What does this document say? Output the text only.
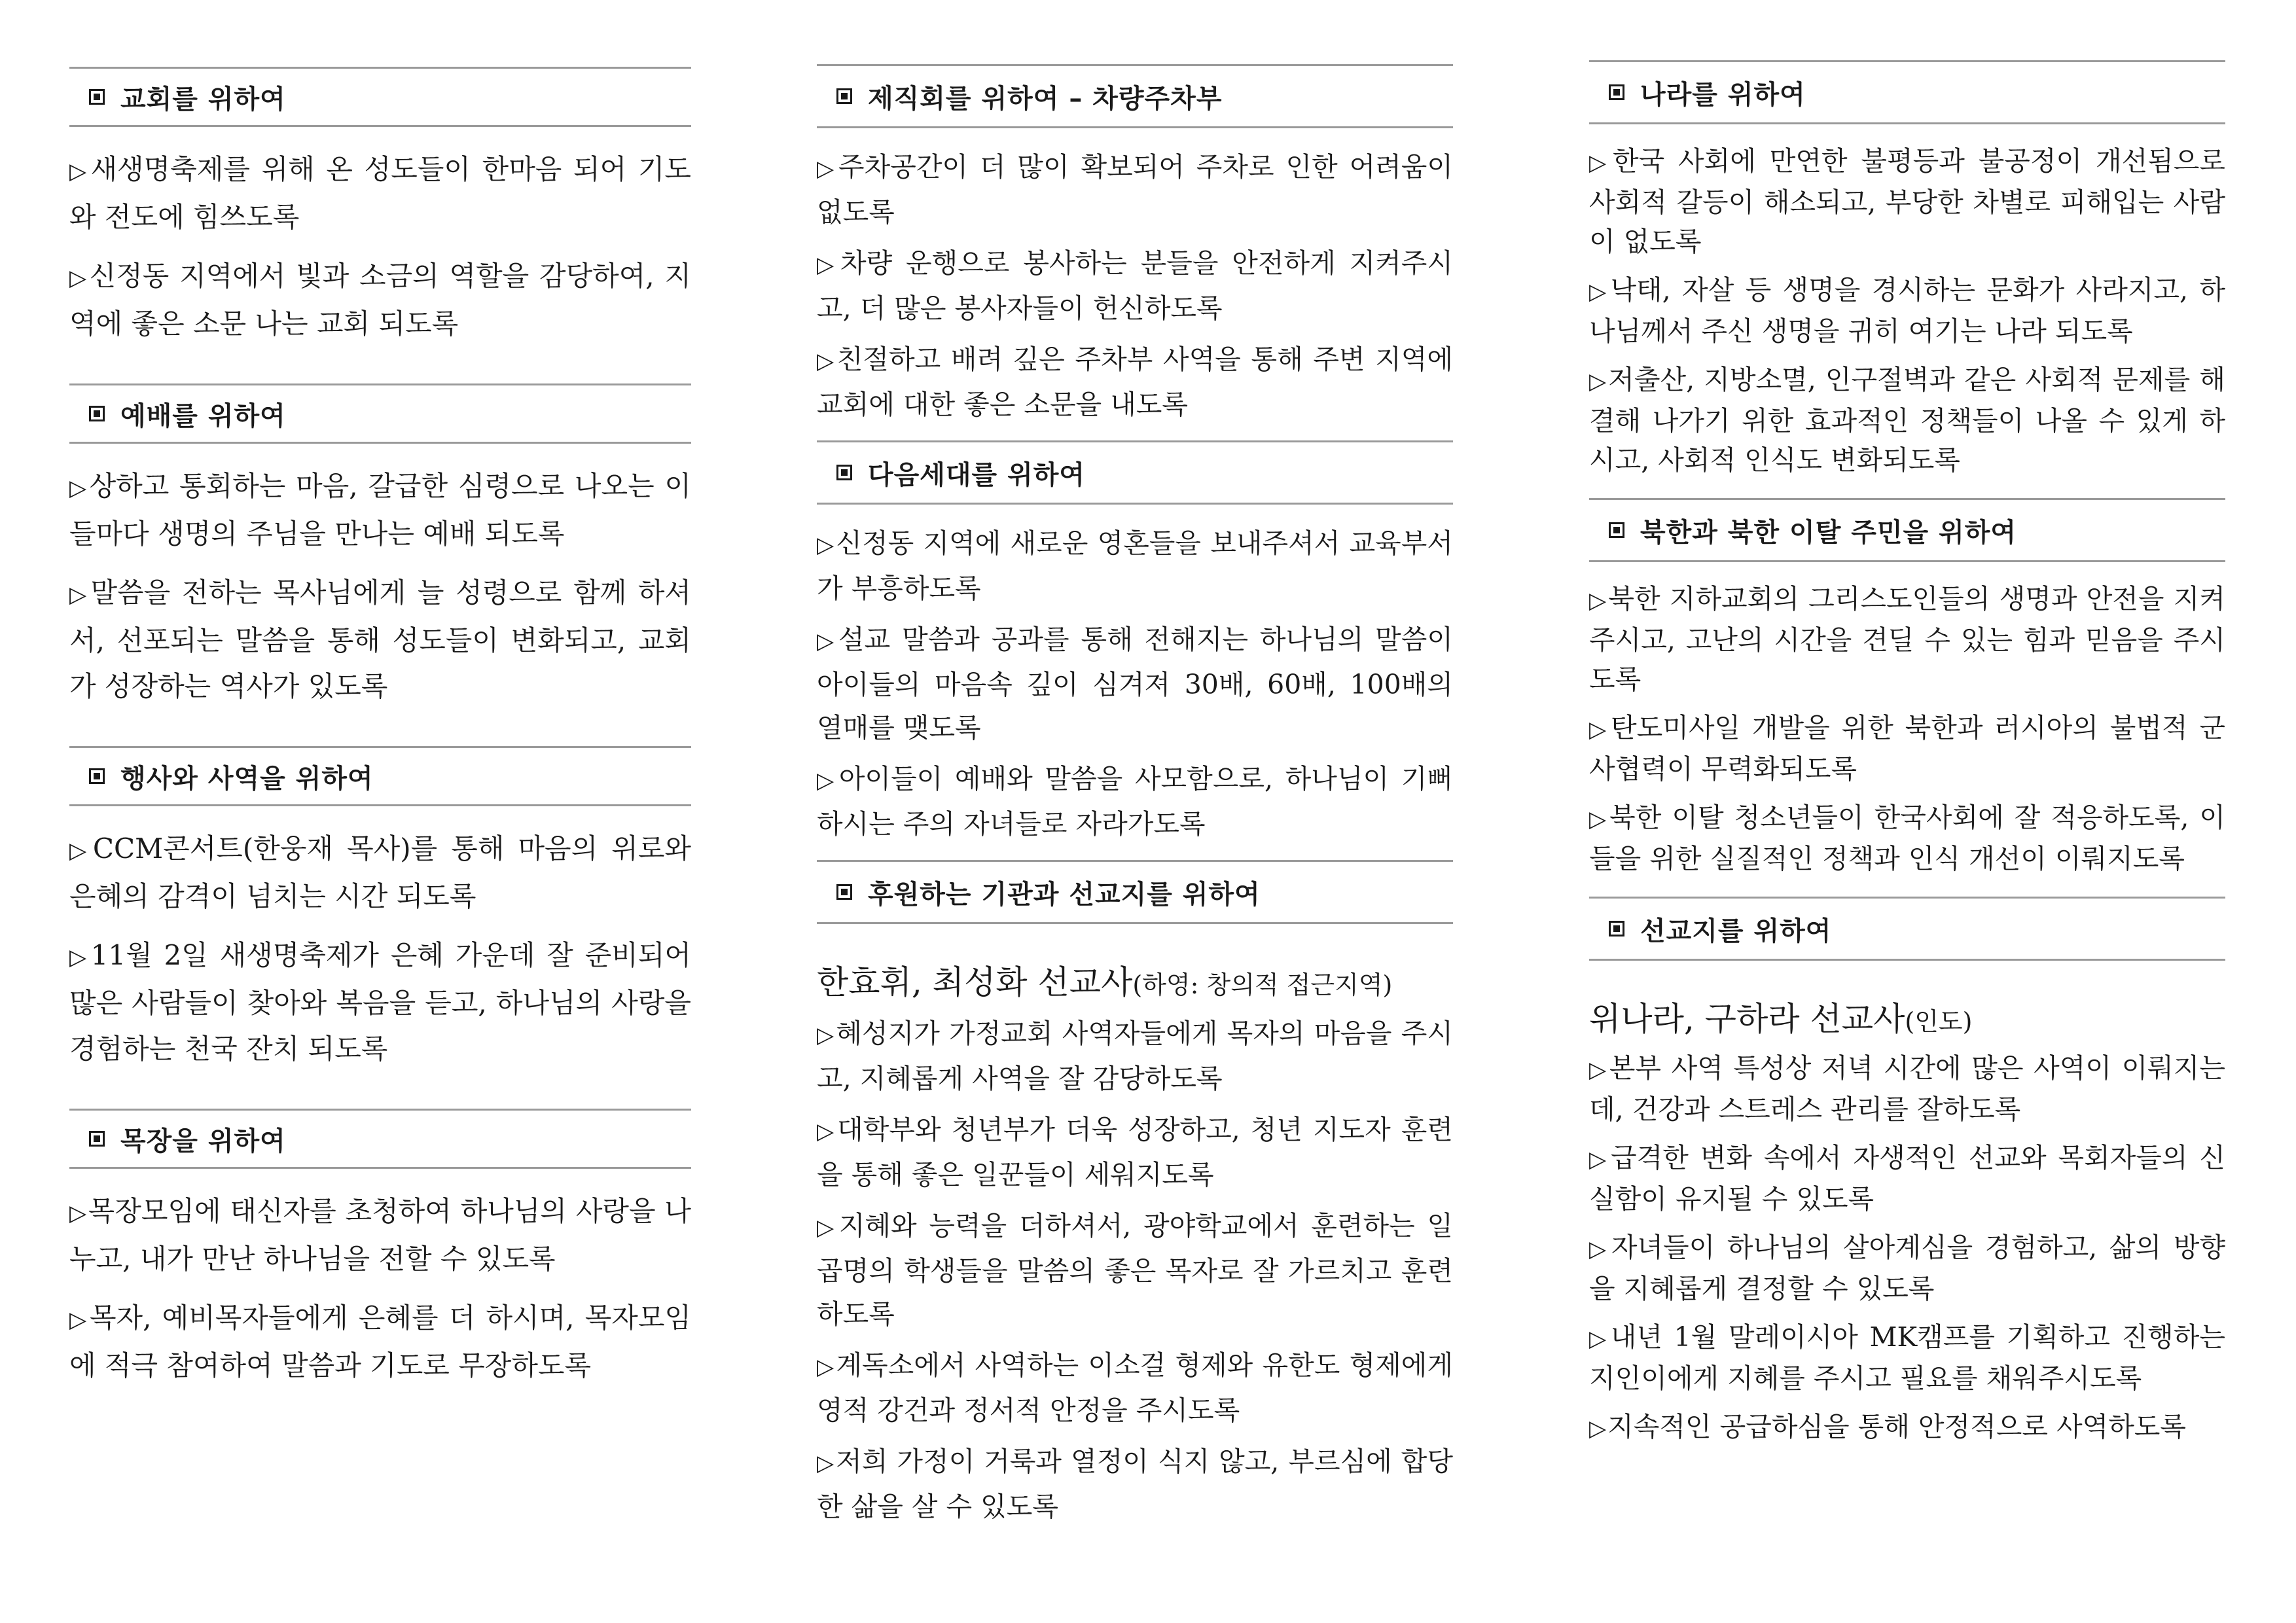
교회를 위하여

▷새생명축제를 위해 온 성도들이 한마음 되어 기도와 전도에 힘쓰도록

▷신정동 지역에서 빛과 소금의 역할을 감당하여, 지역에 좋은 소문 나는 교회 되도록

예배를 위하여

▷상하고 통회하는 마음, 갈급한 심령으로 나오는 이들마다 생명의 주님을 만나는 예배 되도록

▷말씀을 전하는 목사님에게 늘 성령으로 함께 하셔서, 선포되는 말씀을 통해 성도들이 변화되고, 교회가 성장하는 역사가 있도록

행사와 사역을 위하여

▷CCM콘서트(한웅재 목사)를 통해 마음의 위로와 은혜의 감격이 넘치는 시간 되도록

▷11월 2일 새생명축제가 은혜 가운데 잘 준비되어 많은 사람들이 찾아와 복음을 듣고, 하나님의 사랑을 경험하는 천국 잔치 되도록

목장을 위하여

▷목장모임에 태신자를 초청하여 하나님의 사랑을 나누고, 내가 만난 하나님을 전할 수 있도록

▷목자, 예비목자들에게 은혜를 더 하시며, 목자모임에 적극 참여하여 말씀과 기도로 무장하도록

제직회를 위하여 – 차량주차부

▷주차공간이 더 많이 확보되어 주차로 인한 어려움이 없도록

▷차량 운행으로 봉사하는 분들을 안전하게 지켜주시고, 더 많은 봉사자들이 헌신하도록

▷친절하고 배려 깊은 주차부 사역을 통해 주변 지역에 교회에 대한 좋은 소문을 내도록

다음세대를 위하여

▷신정동 지역에 새로운 영혼들을 보내주셔서 교육부서가 부흥하도록

▷설교 말씀과 공과를 통해 전해지는 하나님의 말씀이 아이들의 마음속 깊이 심겨져 30배, 60배, 100배의 열매를 맺도록

▷아이들이 예배와 말씀을 사모함으로, 하나님이 기뻐하시는 주의 자녀들로 자라가도록

후원하는 기관과 선교지를 위하여
한효휘, 최성화 선교사(하영: 창의적 접근지역)

▷혜성지가 가정교회 사역자들에게 목자의 마음을 주시고, 지혜롭게 사역을 잘 감당하도록

▷대학부와 청년부가 더욱 성장하고, 청년 지도자 훈련을 통해 좋은 일꾼들이 세워지도록

▷지혜와 능력을 더하셔서, 광야학교에서 훈련하는 일곱명의 학생들을 말씀의 좋은 목자로 잘 가르치고 훈련하도록

▷계독소에서 사역하는 이소걸 형제와 유한도 형제에게 영적 강건과 정서적 안정을 주시도록

▷저희 가정이 거룩과 열정이 식지 않고, 부르심에 합당한 삶을 살 수 있도록

나라를 위하여

▷한국 사회에 만연한 불평등과 불공정이 개선됨으로 사회적 갈등이 해소되고, 부당한 차별로 피해입는 사람이 없도록

▷낙태, 자살 등 생명을 경시하는 문화가 사라지고, 하나님께서 주신 생명을 귀히 여기는 나라 되도록

▷저출산, 지방소멸, 인구절벽과 같은 사회적 문제를 해결해 나가기 위한 효과적인 정책들이 나올 수 있게 하시고, 사회적 인식도 변화되도록

북한과 북한 이탈 주민을 위하여

▷북한 지하교회의 그리스도인들의 생명과 안전을 지켜주시고, 고난의 시간을 견딜 수 있는 힘과 믿음을 주시도록

▷탄도미사일 개발을 위한 북한과 러시아의 불법적 군사협력이 무력화되도록

▷북한 이탈 청소년들이 한국사회에 잘 적응하도록, 이들을 위한 실질적인 정책과 인식 개선이 이뤄지도록

선교지를 위하여
위나라, 구하라 선교사(인도)

▷본부 사역 특성상 저녁 시간에 많은 사역이 이뤄지는데, 건강과 스트레스 관리를 잘하도록

▷급격한 변화 속에서 자생적인 선교와 목회자들의 신실함이 유지될 수 있도록

▷자녀들이 하나님의 살아계심을 경험하고, 삶의 방향을 지혜롭게 결정할 수 있도록

▷내년 1월 말레이시아 MK캠프를 기획하고 진행하는 지인이에게 지혜를 주시고 필요를 채워주시도록

▷지속적인 공급하심을 통해 안정적으로 사역하도록
